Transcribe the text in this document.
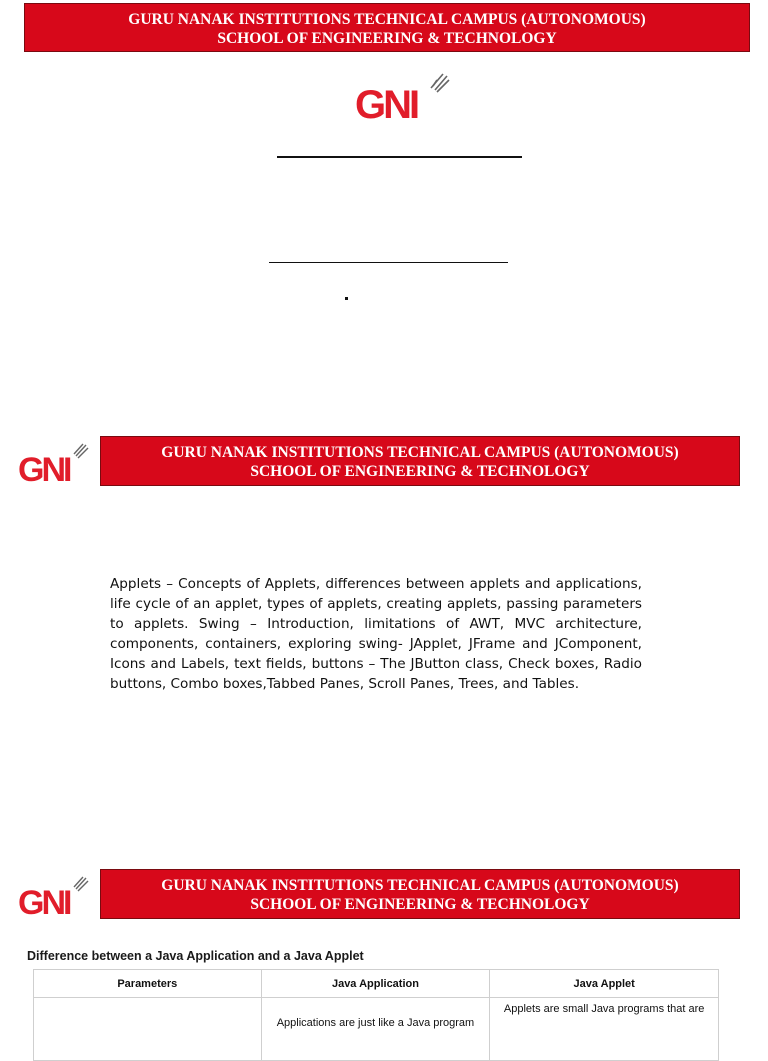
GURU NANAK INSTITUTIONS TECHNICAL CAMPUS (AUTONOMOUS)
SCHOOL OF ENGINEERING & TECHNOLOGY
GNI
GNI	GURU NANAK INSTITUTIONS TECHNICAL CAMPUS (AUTONOMOUS)
SCHOOL OF ENGINEERING & TECHNOLOGY
Applets – Concepts of Applets, differences between applets and applications, life cycle of an applet, types of applets, creating applets, passing parameters to applets. Swing – Introduction, limitations of AWT, MVC architecture, components, containers, exploring swing- JApplet, JFrame and JComponent, Icons and Labels, text fields, buttons – The JButton class, Check boxes, Radio buttons, Combo boxes,Tabbed Panes, Scroll Panes, Trees, and Tables.
GNI	GURU NANAK INSTITUTIONS TECHNICAL CAMPUS (AUTONOMOUS)
SCHOOL OF ENGINEERING & TECHNOLOGY
Difference between a Java Application and a Java Applet
Parameters	Java Application	Java Applet
	Applications are just like a Java program	Applets are small Java programs that are
